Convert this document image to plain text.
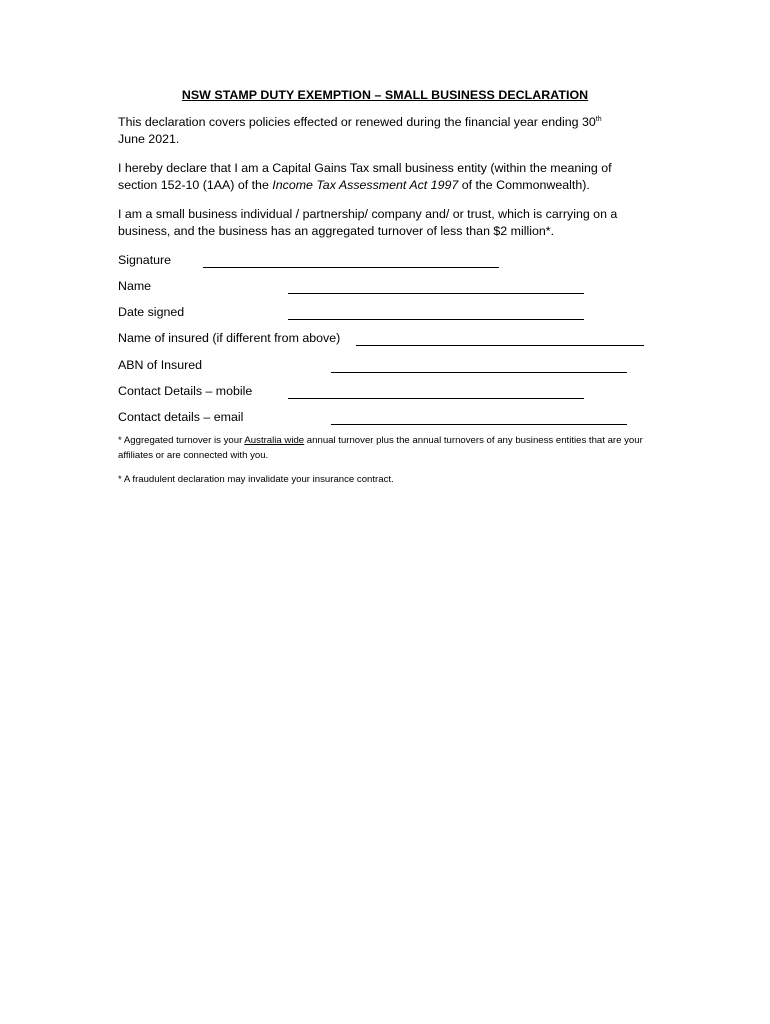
NSW STAMP DUTY EXEMPTION – SMALL BUSINESS DECLARATION
This declaration covers policies effected or renewed during the financial year ending 30th
June 2021.
I hereby declare that I am a Capital Gains Tax small business entity (within the meaning of section 152-10 (1AA) of the Income Tax Assessment Act 1997 of the Commonwealth).
I am a small business individual / partnership/ company and/ or trust, which is carrying on a business, and the business has an aggregated turnover of less than $2 million*.
Signature
Name
Date signed
Name of insured (if different from above)
ABN of Insured
Contact Details – mobile
Contact details – email
* Aggregated turnover is your Australia wide annual turnover plus the annual turnovers of any business entities that are your affiliates or are connected with you.
* A fraudulent declaration may invalidate your insurance contract.
